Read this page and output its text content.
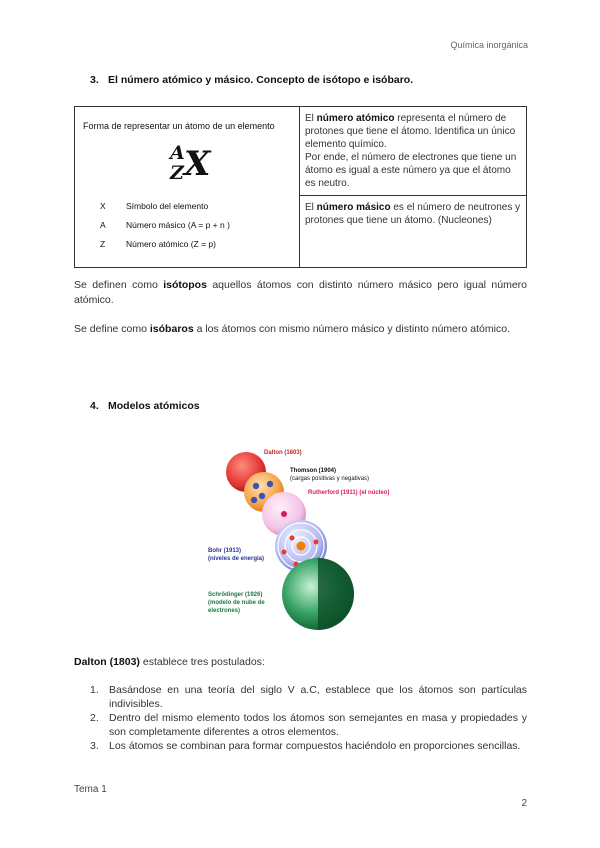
Química inorgánica
3. El número atómico y másico. Concepto de isótopo e isóbaro.
Forma de representar un átomo de un elemento
A
Z X
X Símbolo del elemento
A Número másico (A = p + n )
Z Número atómico (Z = p)

El número atómico representa el número de protones que tiene el átomo. Identifica un único elemento químico.
Por ende, el número de electrones que tiene un átomo es igual a este número ya que el átomo es neutro.

El número másico es el número de neutrones y protones que tiene un átomo. (Nucleones)
Se definen como isótopos aquellos átomos con distinto número másico pero igual número atómico.
Se define como isóbaros a los átomos con mismo número másico y distinto número atómico.
4. Modelos atómicos
Dalton (1803)
Thomson (1904)
(cargas positivas y negativas)
Rutherford (1911) (el núcleo)
Bohr (1913)
(niveles de energía)
Schrödinger (1926)
(modelo de nube de
electrones)
Dalton (1803) establece tres postulados:
1. Basándose en una teoría del siglo V a.C, establece que los átomos son partículas indivisibles.
2. Dentro del mismo elemento todos los átomos son semejantes en masa y propiedades y son completamente diferentes a otros elementos.
3. Los átomos se combinan para formar compuestos haciéndolo en proporciones sencillas.
Tema 1
2
